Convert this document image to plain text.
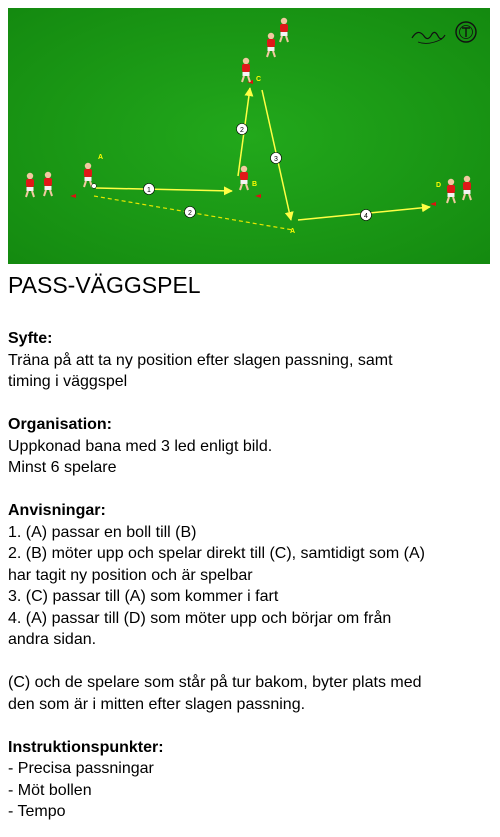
1
2
2
3
4
A
B
C
A
D
PASS-VÄGGSPEL
Syfte:
Träna på att ta ny position efter slagen passning, samt
timing i väggspel
Organisation:
Uppkonad bana med 3 led enligt bild.
Minst 6 spelare
Anvisningar:
1. (A) passar en boll till (B)
2. (B) möter upp och spelar direkt till (C), samtidigt som (A)
har tagit ny position och är spelbar
3. (C) passar till (A) som kommer i fart
4. (A) passar till (D) som möter upp och börjar om från
andra sidan.
(C) och de spelare som står på tur bakom, byter plats med
den som är i mitten efter slagen passning.
Instruktionspunkter:
- Precisa passningar
- Möt bollen
- Tempo
